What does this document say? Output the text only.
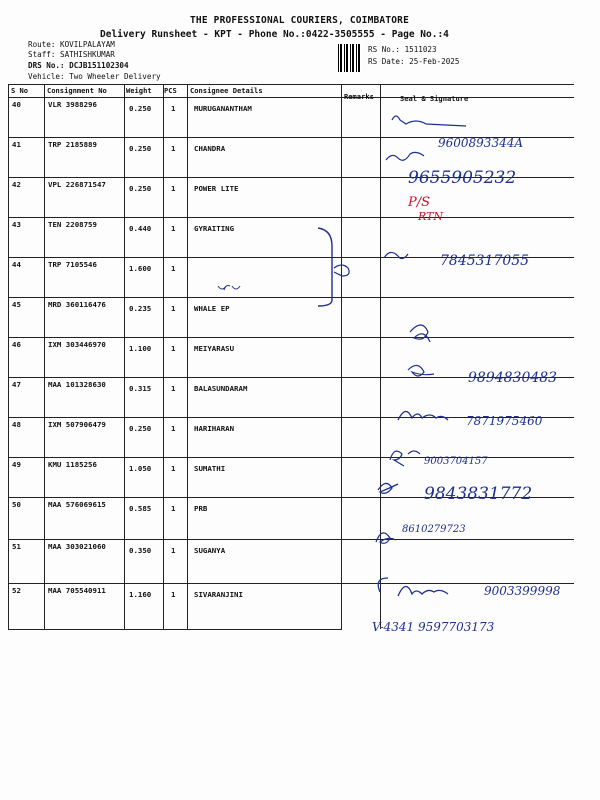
THE PROFESSIONAL COURIERS, COIMBATORE
Delivery Runsheet - KPT - Phone No.:0422-3505555 - Page No.:4
Route: KOVILPALAYAM
Staff: SATHISHKUMAR
DRS No.: DCJB151102304
Vehicle: Two Wheeler Delivery
RS No.: 1511023
RS Date: 25-Feb-2025
S No	Consignment No	Weight PCS Consignee Details
Remarks	Seal & Signature
40	VLR 3988296	0.250	1	MURUGANANTHAM
41	TRP 2185889	0.250	1	CHANDRA
42	VPL 226871547	0.250	1	POWER LITE
43	TEN 2208759	0.440	1	GYRAITING
44	TRP 7105546	1.600	1
45	MRD 360116476	0.235	1	WHALE EP
46	IXM 303446970	1.100	1	MEIYARASU
47	MAA 101328630	0.315	1	BALASUNDARAM
48	IXM 507906479	0.250	1	HARIHARAN
49	KMU 1185256	1.050	1	SUMATHI
50	MAA 576069615	0.585	1	PRB
51	MAA 303021060	0.350	1	SUGANYA
52	MAA 705540911	1.160	1	SIVARANJINI
9600893344A
9655905232
P/S
RTN
7845317055
9894830483
7871975460
9003704157
9843831772
8610279723
9003399998
V-4341 9597703173
